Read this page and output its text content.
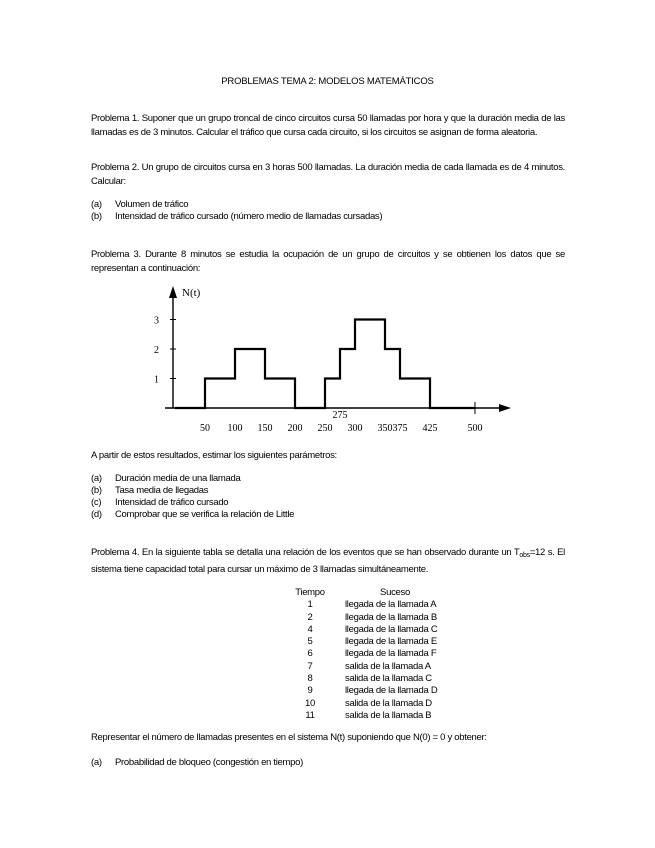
PROBLEMAS TEMA 2: MODELOS MATEMÁTICOS
Problema 1. Suponer que un grupo troncal de cinco circuitos cursa 50 llamadas por hora y que la duración media de las llamadas es de 3 minutos. Calcular el tráfico que cursa cada circuito, si los circuitos se asignan de forma aleatoria.
Problema 2. Un grupo de circuitos cursa en 3 horas 500 llamadas. La duración media de cada llamada es de 4 minutos. Calcular:
(a)	Volumen de tráfico
(b)	Intensidad de tráfico cursado (número medio de llamadas cursadas)
Problema 3. Durante 8 minutos se estudia la ocupación de un grupo de circuitos y se obtienen los datos que se representan a continuación:
N(t)
1
2
3
50 100 150 200 250 300 350 375 425	500
275
A partir de estos resultados, estimar los siguientes parámetros:
(a)	Duración media de una llamada
(b)	Tasa media de llegadas
(c)	Intensidad de tráfico cursado
(d)	Comprobar que se verifica la relación de Little
Problema 4. En la siguiente tabla se detalla una relación de los eventos que se han observado durante un $T_{obs}=12$ s. El sistema tiene capacidad total para cursar un máximo de 3 llamadas simultáneamente.
Tiempo	Suceso
1	llegada de la llamada A
2	llegada de la llamada B
4	llegada de la llamada C
5	llegada de la llamada E
6	llegada de la llamada F
7	salida de la llamada A
8	salida de la llamada C
9	llegada de la llamada D
10	salida de la llamada D
11	salida de la llamada B
Representar el número de llamadas presentes en el sistema N(t) suponiendo que N(0) = 0 y obtener:
(a)	Probabilidad de bloqueo (congestión en tiempo)
